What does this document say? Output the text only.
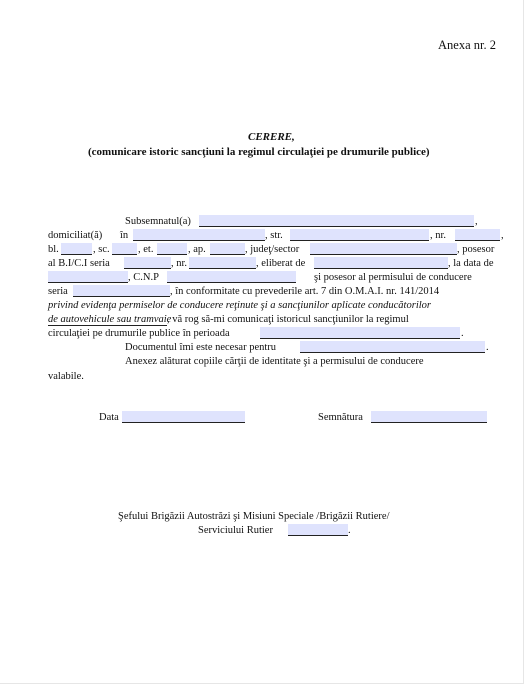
Anexa nr. 2
CERERE,
(comunicare istoric sancţiuni la regimul circulaţiei pe drumurile publice)
Subsemnatul(a)	,
domiciliat(ă) în	, str.	, nr.	,
bl.	, sc.	, et.	, ap.	, judeţ/sector	, posesor
al B.I/C.I seria	, nr.	, eliberat de	, la data de
, C.N.P	şi posesor al permisului de conducere
seria	, în conformitate cu prevederile art. 7 din O.M.A.I. nr. 141/2014
privind evidenţa permiselor de conducere reţinute şi a sancţiunilor aplicate conducătorilor
de autovehicule sau tramvaie
, vă rog să-mi comunicaţi istoricul sancţiunilor la regimul
circulaţiei pe drumurile publice în perioada	.
Documentul îmi este necesar pentru	.
Anexez alăturat copiile cărţii de identitate şi a permisului de conducere
valabile.
Data	Semnătura
Şefului Brigăzii Autostrăzi şi Misiuni Speciale /Brigăzii Rutiere/
Serviciului Rutier	.
